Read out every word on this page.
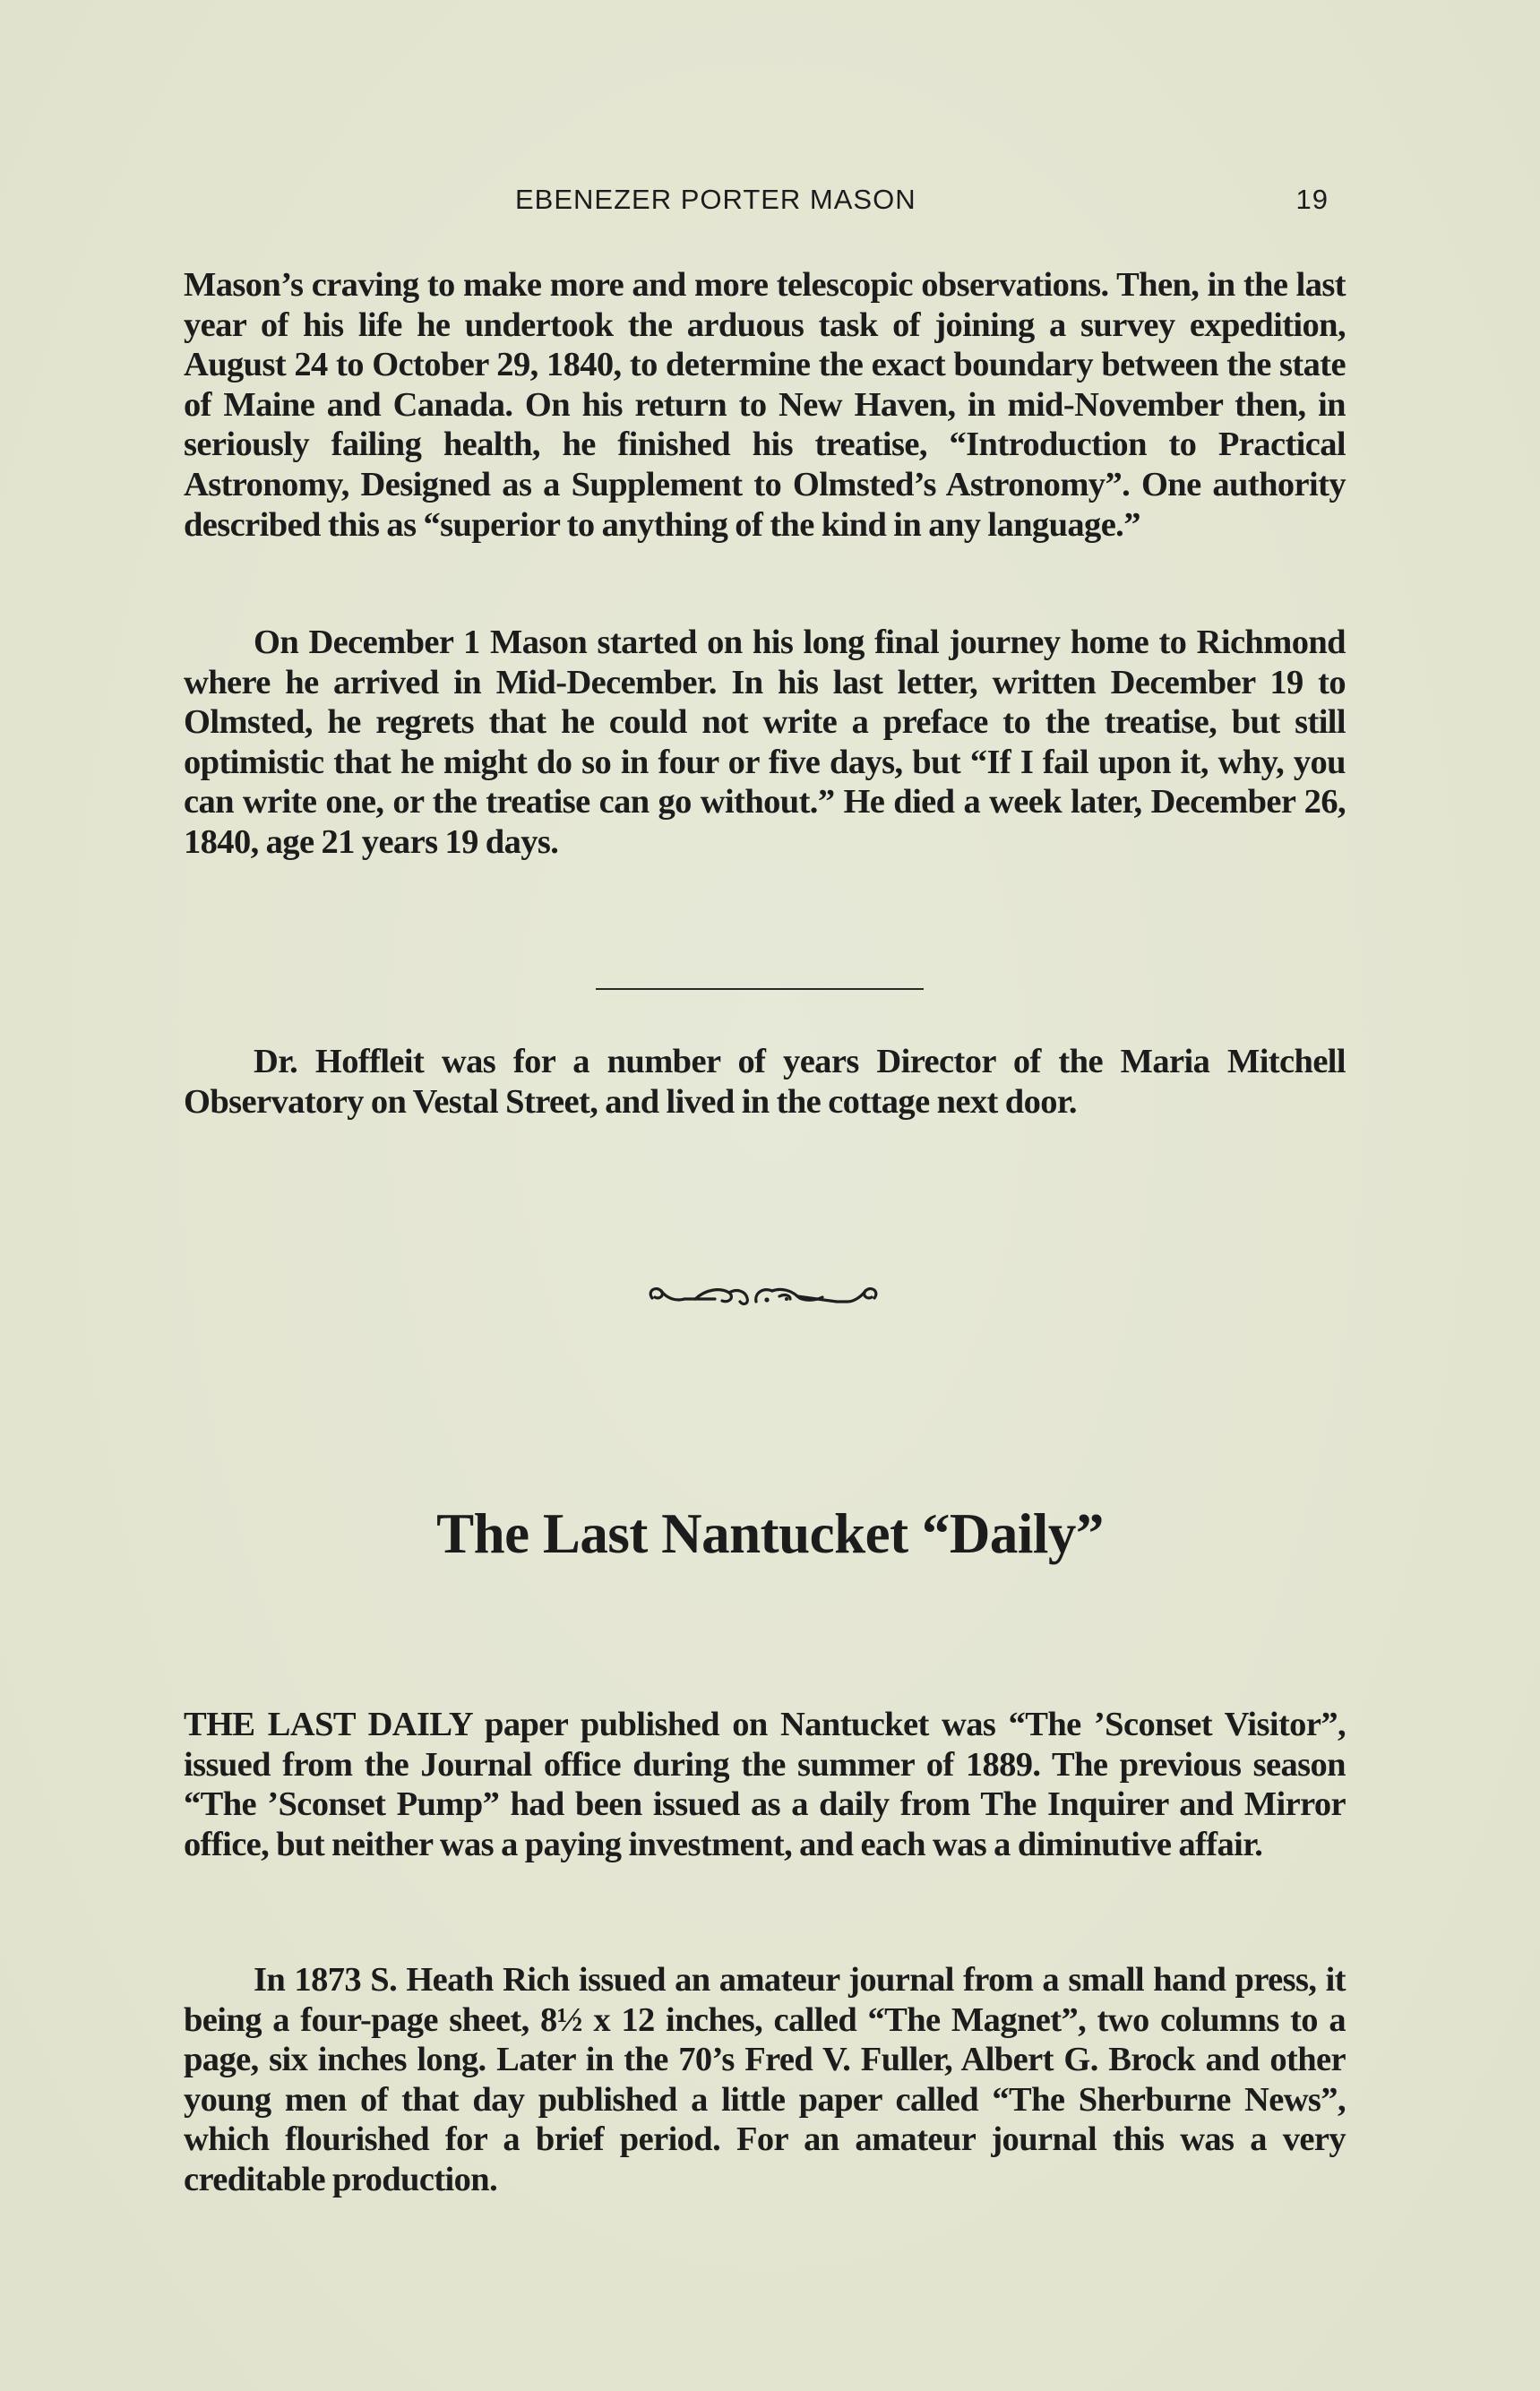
EBENEZER PORTER MASON	19

Mason’s craving to make more and more telescopic observations. Then, in the last year of his life he undertook the arduous task of joining a survey expedition, August 24 to October 29, 1840, to determine the exact boundary between the state of Maine and Canada. On his return to New Haven, in mid-November then, in seriously failing health, he finished his treatise, “Introduction to Practical Astronomy, Designed as a Supplement to Olmsted’s Astronomy”. One authority described this as “superior to anything of the kind in any language.”

On December 1 Mason started on his long final journey home to Richmond where he arrived in Mid-December. In his last letter, written December 19 to Olmsted, he regrets that he could not write a preface to the treatise, but still optimistic that he might do so in four or five days, but “If I fail upon it, why, you can write one, or the treatise can go without.” He died a week later, December 26, 1840, age 21 years 19 days.

Dr. Hoffleit was for a number of years Director of the Maria Mitchell Observatory on Vestal Street, and lived in the cottage next door.

The Last Nantucket “Daily”

THE LAST DAILY paper published on Nantucket was “The ’Sconset Visitor”, issued from the Journal office during the summer of 1889. The previous season “The ’Sconset Pump” had been issued as a daily from The Inquirer and Mirror office, but neither was a paying investment, and each was a diminutive affair.

In 1873 S. Heath Rich issued an amateur journal from a small hand press, it being a four-page sheet, 8½ x 12 inches, called “The Magnet”, two columns to a page, six inches long. Later in the 70’s Fred V. Fuller, Albert G. Brock and other young men of that day published a little paper called “The Sherburne News”, which flourished for a brief period. For an amateur journal this was a very creditable production.
